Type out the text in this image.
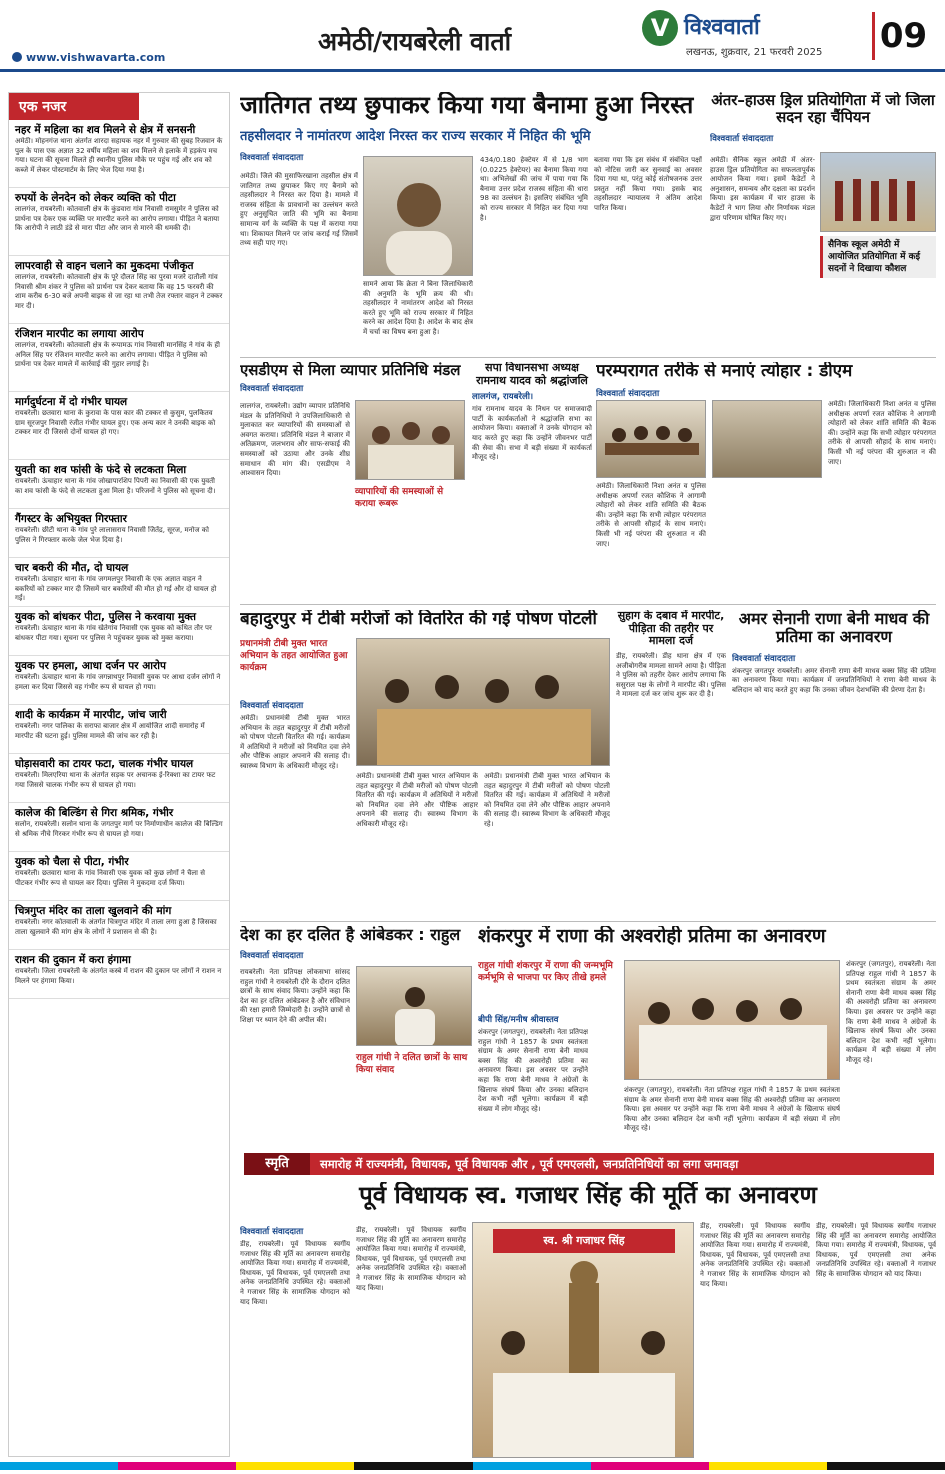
www.vishwavarta.com
अमेठी/रायबरेली वार्ता	V विश्ववार्ता
लखनऊ, शुक्रवार, 21 फरवरी 2025 09
एक नजर
नहर में महिला का शव मिलने से क्षेत्र में सनसनी

अमेठी। मोहनगंज थाना अंतर्गत शारदा सहायक नहर में गुरुवार की सुबह रिजवान के पुल के पास एक अज्ञात 32 वर्षीय महिला का शव मिलने से इलाके में हड़कंप मच गया। घटना की सूचना मिलते ही स्थानीय पुलिस मौके पर पहुंच गई और शव को कब्जे में लेकर पोस्टमार्टम के लिए भेज दिया गया है।

रुपयों के लेनदेन को लेकर व्यक्ति को पीटा

लालगंज, रायबरेली। कोतवाली क्षेत्र के कुंडवारा गांव निवासी रामसुमेर ने पुलिस को प्रार्थना पत्र देकर एक व्यक्ति पर मारपीट करने का आरोप लगाया। पीड़ित ने बताया कि आरोपी ने लाठी डंडे से मारा पीटा और जान से मारने की धमकी दी।

लापरवाही से वाहन चलाने का मुकदमा पंजीकृत

लालगंज, रायबरेली। कोतवाली क्षेत्र के पूरे दौलत सिंह का पुरवा मजरे दातौली गांव निवासी श्रीम शंकर ने पुलिस को प्रार्थना पत्र देकर बताया कि वह 15 फरवरी की शाम करीब 6-30 बजे अपनी बाइक से जा रहा था तभी तेज रफ्तार वाहन ने टक्कर मार दी।

रंजिशन मारपीट का लगाया आरोप

लालगंज, रायबरेली। कोतवाली क्षेत्र के रूपामऊ गांव निवासी मानसिंह ने गांव के ही अनिल सिंह पर रंजिशन मारपीट करने का आरोप लगाया। पीड़ित ने पुलिस को प्रार्थना पत्र देकर मामले में कार्रवाई की गुहार लगाई है।

मार्गदुर्घटना में दो गंभीर घायल

रायबरेली। छतवारा थाना के कुरावा के पास कार की टक्कर से कुसुम, पुलकितव ग्राम सूरजपुर निवासी रंजीत गंभीर घायल हुए। एक अन्य कार ने उनकी बाइक को टक्कर मार दी जिससे दोनों घायल हो गए।

युवती का शव फांसी के फंदे से लटकता मिला

रायबरेली। ऊंचाहार थाना के गांव जोखापारशिप पिपरी का निवासी की एक युवती का शव फांसी के फंदे से लटकता हुआ मिला है। परिजनों ने पुलिस को सूचना दी।

गैंगस्टर के अभियुक्त गिरफ्तार

रायबरेली। छीटी थाना के गांव पुरे लालासराय निवासी जितेंद्र, सूरज, मनोज को पुलिस ने गिरफ्तार करके जेल भेज दिया है।

चार बकरी की मौत, दो घायल

रायबरेली। ऊंचाहार थाना के गांव जगमलपुर निवासी के एक अज्ञात वाहन ने बकरियों को टक्कर मार दी जिसमें चार बकरियों की मौत हो गई और दो घायल हो गईं।

युवक को बांधकर पीटा, पुलिस ने करवाया मुक्त

रायबरेली। ऊंचाहार थाना के गांव खेतेगांव निवासी एक युवक को कथित तौर पर बांधकर पीटा गया। सूचना पर पुलिस ने पहुंचकर युवक को मुक्त कराया।

युवक पर हमला, आधा दर्जन पर आरोप

रायबरेली। ऊंचाहार थाना के गांव जगन्नाथपुर निवासी युवक पर आधा दर्जन लोगों ने हमला कर दिया जिससे वह गंभीर रूप से घायल हो गया।

शादी के कार्यक्रम में मारपीट, जांच जारी

रायबरेली। नगर पालिका के सराफा बाजार क्षेत्र में आयोजित शादी समारोह में मारपीट की घटना हुई। पुलिस मामले की जांच कर रही है।

घोड़ासवारी का टायर फटा, चालक गंभीर घायल

रायबरेली। मिलएरिया थाना के अंतर्गत सड़क पर अचानक ई-रिक्शा का टायर फट गया जिससे चालक गंभीर रूप से घायल हो गया।

कालेज की बिल्डिंग से गिरा श्रमिक, गंभीर

सलोन, रायबरेली। सलोन थाना के जगतपुर मार्ग पर निर्माणाधीन कालेज की बिल्डिंग से श्रमिक नीचे गिरकर गंभीर रूप से घायल हो गया।

युवक को चैला से पीटा, गंभीर

रायबरेली। छतवारा थाना के गांव निवासी एक युवक को कुछ लोगों ने चैला से पीटकर गंभीर रूप से घायल कर दिया। पुलिस ने मुकदमा दर्ज किया।

चित्रगुप्त मंदिर का ताला खुलवाने की मांग

रायबरेली। नगर कोतवाली के अंतर्गत चित्रगुप्त मंदिर में ताला लगा हुआ है जिसका ताला खुलवाने की मांग क्षेत्र के लोगों ने प्रशासन से की है।

राशन की दुकान में करा हंगामा

रायबरेली। जिला रायबरेली के अंतर्गत कस्बे में राशन की दुकान पर लोगों ने राशन न मिलने पर हंगामा किया।

जातिगत तथ्य छुपाकर किया गया बैनामा हुआ निरस्त
तहसीलदार ने नामांतरण आदेश निरस्त कर राज्य सरकार में निहित की भूमि
विश्ववार्ता संवाददाता
अमेठी। जिले की मुसाफिरखाना तहसील क्षेत्र में जातिगत तथ्य छुपाकर किए गए बैनामे को तहसीलदार ने निरस्त कर दिया है। मामले में राजस्व संहिता के प्रावधानों का उल्लंघन करते हुए अनुसूचित जाति की भूमि का बैनामा सामान्य वर्ग के व्यक्ति के पक्ष में कराया गया था। शिकायत मिलने पर जांच कराई गई जिसमें तथ्य सही पाए गए।
सामने आया कि क्रेता ने बिना जिलाधिकारी की अनुमति के भूमि क्रय की थी। तहसीलदार ने नामांतरण आदेश को निरस्त करते हुए भूमि को राज्य सरकार में निहित करने का आदेश दिया है। आदेश के बाद क्षेत्र में चर्चा का विषय बना हुआ है।
434/0.180 हेक्टेयर में से 1/8 भाग (0.0225 हेक्टेयर) का बैनामा किया गया था। अभिलेखों की जांच में पाया गया कि बैनामा उत्तर प्रदेश राजस्व संहिता की धारा 98 का उल्लंघन है। इसलिए संबंधित भूमि को राज्य सरकार में निहित कर दिया गया है।
बताया गया कि इस संबंध में संबंधित पक्षों को नोटिस जारी कर सुनवाई का अवसर दिया गया था, परंतु कोई संतोषजनक उत्तर प्रस्तुत नहीं किया गया। इसके बाद तहसीलदार न्यायालय ने अंतिम आदेश पारित किया।
अंतर–हाउस ड्रिल प्रतियोगिता में जो जिला सदन रहा चैंपियन
विश्ववार्ता संवाददाता
अमेठी। सैनिक स्कूल अमेठी में अंतर-हाउस ड्रिल प्रतियोगिता का सफलतापूर्वक आयोजन किया गया। इसमें कैडेटों ने अनुशासन, समन्वय और दक्षता का प्रदर्शन किया। इस कार्यक्रम में चार हाउस के कैडेटों ने भाग लिया और निर्णायक मंडल द्वारा परिणाम घोषित किए गए।
सैनिक स्कूल अमेठी में आयोजित प्रतियोगिता में कई सदनों ने दिखाया कौशल
एसडीएम से मिला व्यापार प्रतिनिधि मंडल
विश्ववार्ता संवाददाता
लालगंज, रायबरेली। उद्योग व्यापार प्रतिनिधि मंडल के प्रतिनिधियों ने उपजिलाधिकारी से मुलाकात कर व्यापारियों की समस्याओं से अवगत कराया। प्रतिनिधि मंडल ने बाजार में अतिक्रमण, जलभराव और साफ-सफाई की समस्याओं को उठाया और उनके शीघ्र समाधान की मांग की। एसडीएम ने आश्वासन दिया।
व्यापारियों की समस्याओं से कराया रूबरू
सपा विधानसभा अध्यक्ष रामनाथ यादव को श्रद्धांजलि
लालगंज, रायबरेली।
गांव रामनाथ यादव के निधन पर समाजवादी पार्टी के कार्यकर्ताओं ने श्रद्धांजलि सभा का आयोजन किया। वक्ताओं ने उनके योगदान को याद करते हुए कहा कि उन्होंने जीवनभर पार्टी की सेवा की। सभा में बड़ी संख्या में कार्यकर्ता मौजूद रहे।
परम्परागत तरीके से मनाएं त्योहार : डीएम
विश्ववार्ता संवाददाता
अमेठी। जिलाधिकारी निशा अनंत व पुलिस अधीक्षक अपर्णा रजत कौशिक ने आगामी त्योहारों को लेकर शांति समिति की बैठक की। उन्होंने कहा कि सभी त्योहार परंपरागत तरीके से आपसी सौहार्द के साथ मनाएं। किसी भी नई परंपरा की शुरुआत न की जाए।
अमेठी। जिलाधिकारी निशा अनंत व पुलिस अधीक्षक अपर्णा रजत कौशिक ने आगामी त्योहारों को लेकर शांति समिति की बैठक की। उन्होंने कहा कि सभी त्योहार परंपरागत तरीके से आपसी सौहार्द के साथ मनाएं। किसी भी नई परंपरा की शुरुआत न की जाए।
बहादुरपुर में टीबी मरीजों को वितरित की गई पोषण पोटली
प्रधानमंत्री टीबी मुक्त भारत अभियान के तहत आयोजित हुआ कार्यक्रम
विश्ववार्ता संवाददाता
अमेठी। प्रधानमंत्री टीबी मुक्त भारत अभियान के तहत बहादुरपुर में टीबी मरीजों को पोषण पोटली वितरित की गई। कार्यक्रम में अतिथियों ने मरीजों को नियमित दवा लेने और पौष्टिक आहार अपनाने की सलाह दी। स्वास्थ्य विभाग के अधिकारी मौजूद रहे।
अमेठी। प्रधानमंत्री टीबी मुक्त भारत अभियान के तहत बहादुरपुर में टीबी मरीजों को पोषण पोटली वितरित की गई। कार्यक्रम में अतिथियों ने मरीजों को नियमित दवा लेने और पौष्टिक आहार अपनाने की सलाह दी। स्वास्थ्य विभाग के अधिकारी मौजूद रहे।
अमेठी। प्रधानमंत्री टीबी मुक्त भारत अभियान के तहत बहादुरपुर में टीबी मरीजों को पोषण पोटली वितरित की गई। कार्यक्रम में अतिथियों ने मरीजों को नियमित दवा लेने और पौष्टिक आहार अपनाने की सलाह दी। स्वास्थ्य विभाग के अधिकारी मौजूद रहे।
सुहाग के दबाव में मारपीट, पीड़िता की तहरीर पर मामला दर्ज
डीह, रायबरेली। डीह थाना क्षेत्र में एक अजीबोगरीब मामला सामने आया है। पीड़िता ने पुलिस को तहरीर देकर आरोप लगाया कि ससुराल पक्ष के लोगों ने मारपीट की। पुलिस ने मामला दर्ज कर जांच शुरू कर दी है।
अमर सेनानी राणा बेनी माधव की प्रतिमा का अनावरण
विश्ववार्ता संवाददाता
शंकरपुर जगतपुर रायबरेली। अमर सेनानी राणा बेनी माधव बक्स सिंह की प्रतिमा का अनावरण किया गया। कार्यक्रम में जनप्रतिनिधियों ने राणा बेनी माधव के बलिदान को याद करते हुए कहा कि उनका जीवन देशभक्ति की प्रेरणा देता है।
देश का हर दलित है आंबेडकर : राहुल
विश्ववार्ता संवाददाता
रायबरेली। नेता प्रतिपक्ष लोकसभा सांसद राहुल गांधी ने रायबरेली दौरे के दौरान दलित छात्रों के साथ संवाद किया। उन्होंने कहा कि देश का हर दलित आंबेडकर है और संविधान की रक्षा हमारी जिम्मेदारी है। उन्होंने छात्रों से शिक्षा पर ध्यान देने की अपील की।
राहुल गांधी ने दलित छात्रों के साथ किया संवाद
शंकरपुर में राणा की अश्वरोही प्रतिमा का अनावरण
राहुल गांधी शंकरपुर में राणा की जन्मभूमि कर्मभूमि से भाजपा पर किए तीखे हमले
बीपी सिंह/मनीष श्रीवास्तव
शंकरपुर (जगतपुर), रायबरेली। नेता प्रतिपक्ष राहुल गांधी ने 1857 के प्रथम स्वतंत्रता संग्राम के अमर सेनानी राणा बेनी माधव बक्स सिंह की अश्वरोही प्रतिमा का अनावरण किया। इस अवसर पर उन्होंने कहा कि राणा बेनी माधव ने अंग्रेजों के खिलाफ संघर्ष किया और उनका बलिदान देश कभी नहीं भूलेगा। कार्यक्रम में बड़ी संख्या में लोग मौजूद रहे।
शंकरपुर (जगतपुर), रायबरेली। नेता प्रतिपक्ष राहुल गांधी ने 1857 के प्रथम स्वतंत्रता संग्राम के अमर सेनानी राणा बेनी माधव बक्स सिंह की अश्वरोही प्रतिमा का अनावरण किया। इस अवसर पर उन्होंने कहा कि राणा बेनी माधव ने अंग्रेजों के खिलाफ संघर्ष किया और उनका बलिदान देश कभी नहीं भूलेगा। कार्यक्रम में बड़ी संख्या में लोग मौजूद रहे।
शंकरपुर (जगतपुर), रायबरेली। नेता प्रतिपक्ष राहुल गांधी ने 1857 के प्रथम स्वतंत्रता संग्राम के अमर सेनानी राणा बेनी माधव बक्स सिंह की अश्वरोही प्रतिमा का अनावरण किया। इस अवसर पर उन्होंने कहा कि राणा बेनी माधव ने अंग्रेजों के खिलाफ संघर्ष किया और उनका बलिदान देश कभी नहीं भूलेगा। कार्यक्रम में बड़ी संख्या में लोग मौजूद रहे।
स्मृति	समारोह में राज्यमंत्री, विधायक, पूर्व विधायक और , पूर्व एमएलसी, जनप्रतिनिधियों का लगा जमावड़ा
पूर्व विधायक स्व. गजाधर सिंह की मूर्ति का अनावरण
विश्ववार्ता संवाददाता
डीह, रायबरेली। पूर्व विधायक स्वर्गीय गजाधर सिंह की मूर्ति का अनावरण समारोह आयोजित किया गया। समारोह में राज्यमंत्री, विधायक, पूर्व विधायक, पूर्व एमएलसी तथा अनेक जनप्रतिनिधि उपस्थित रहे। वक्ताओं ने गजाधर सिंह के सामाजिक योगदान को याद किया।
डीह, रायबरेली। पूर्व विधायक स्वर्गीय गजाधर सिंह की मूर्ति का अनावरण समारोह आयोजित किया गया। समारोह में राज्यमंत्री, विधायक, पूर्व विधायक, पूर्व एमएलसी तथा अनेक जनप्रतिनिधि उपस्थित रहे। वक्ताओं ने गजाधर सिंह के सामाजिक योगदान को याद किया।
स्व. श्री गजाधर सिंह
डीह, रायबरेली। पूर्व विधायक स्वर्गीय गजाधर सिंह की मूर्ति का अनावरण समारोह आयोजित किया गया। समारोह में राज्यमंत्री, विधायक, पूर्व विधायक, पूर्व एमएलसी तथा अनेक जनप्रतिनिधि उपस्थित रहे। वक्ताओं ने गजाधर सिंह के सामाजिक योगदान को याद किया।
डीह, रायबरेली। पूर्व विधायक स्वर्गीय गजाधर सिंह की मूर्ति का अनावरण समारोह आयोजित किया गया। समारोह में राज्यमंत्री, विधायक, पूर्व विधायक, पूर्व एमएलसी तथा अनेक जनप्रतिनिधि उपस्थित रहे। वक्ताओं ने गजाधर सिंह के सामाजिक योगदान को याद किया।
